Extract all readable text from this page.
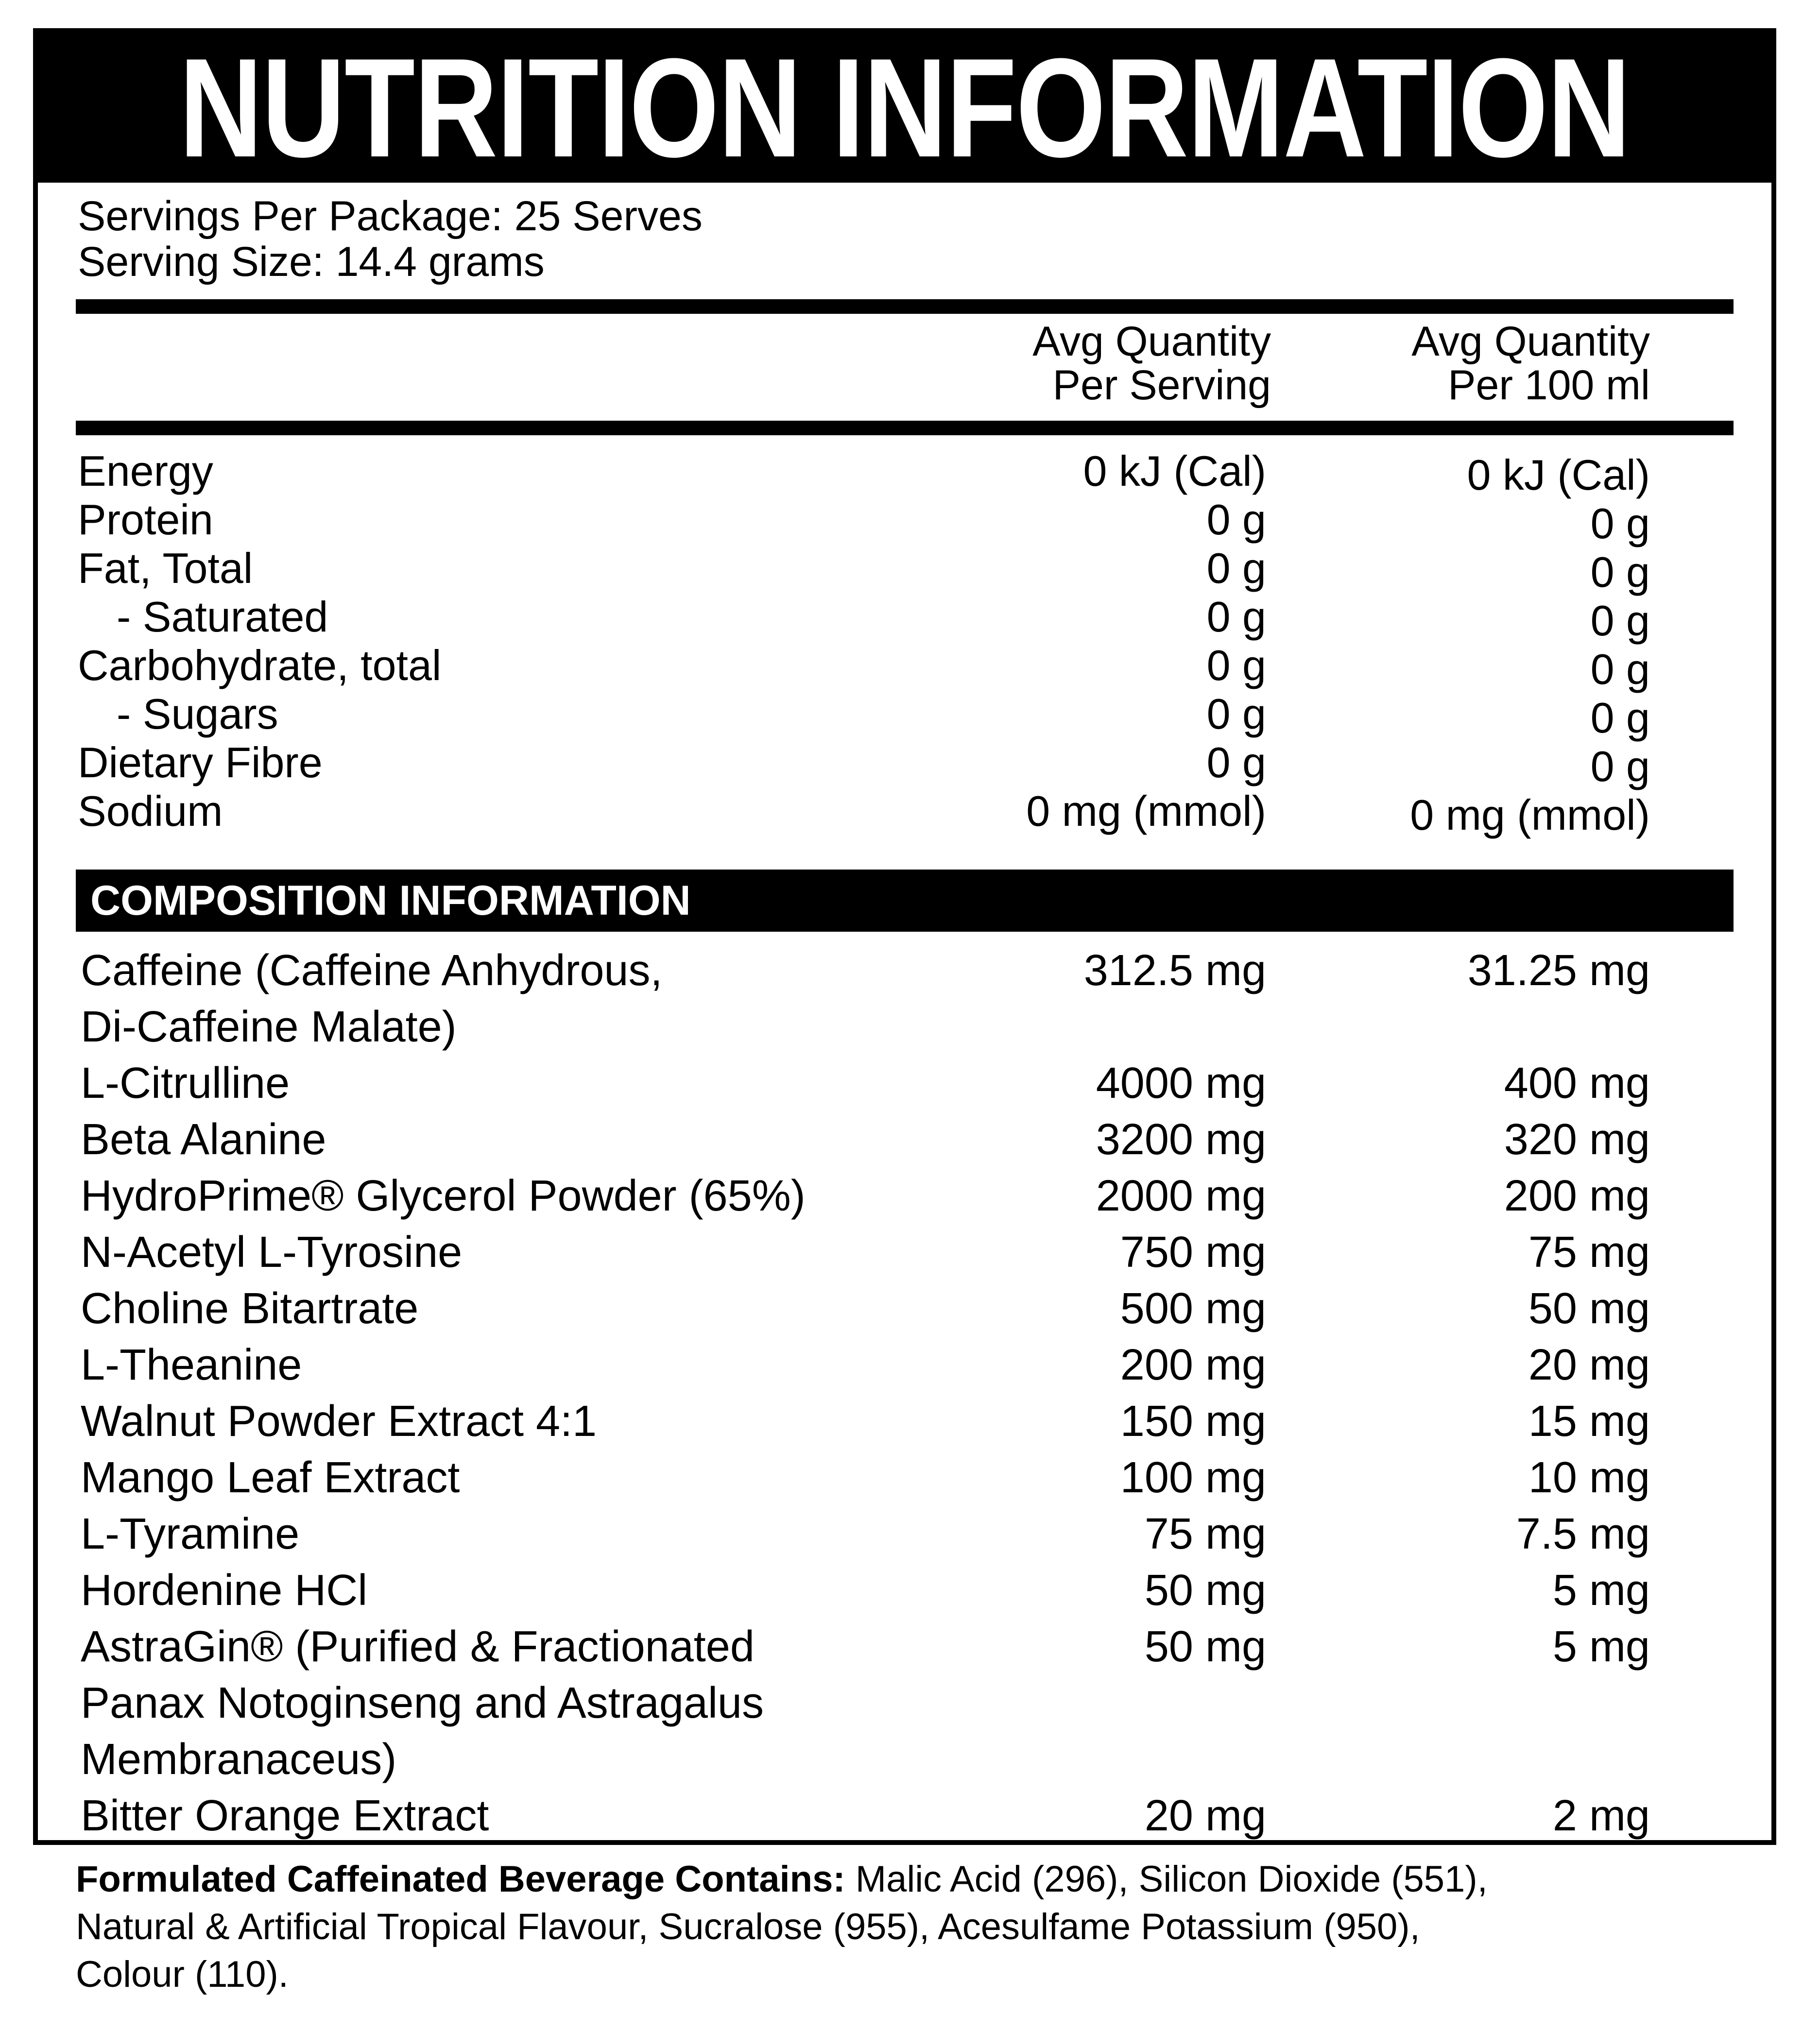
NUTRITION INFORMATION
Servings Per Package: 25 Serves
Serving Size: 14.4 grams
Avg Quantity
Per Serving
Avg Quantity
Per 100 ml
Energy	0 kJ (Cal)	0 kJ (Cal)
Protein	0 g	0 g
Fat, Total	0 g	0 g
- Saturated	0 g	0 g
Carbohydrate, total	0 g	0 g
- Sugars	0 g	0 g
Dietary Fibre	0 g	0 g
Sodium	0 mg (mmol)	0 mg (mmol)
COMPOSITION INFORMATION
Caffeine (Caffeine Anhydrous,
Di-Caffeine Malate)
312.5 mg	31.25 mg
L-Citrulline	4000 mg	400 mg
Beta Alanine	3200 mg	320 mg
HydroPrime® Glycerol Powder (65%)	2000 mg	200 mg
N-Acetyl L-Tyrosine	750 mg	75 mg
Choline Bitartrate	500 mg	50 mg
L-Theanine	200 mg	20 mg
Walnut Powder Extract 4:1	150 mg	15 mg
Mango Leaf Extract	100 mg	10 mg
L-Tyramine	75 mg	7.5 mg
Hordenine HCl	50 mg	5 mg
AstraGin® (Purified & Fractionated
Panax Notoginseng and Astragalus
Membranaceus)
50 mg	5 mg
Bitter Orange Extract	20 mg	2 mg
Formulated Caffeinated Beverage Contains: Malic Acid (296), Silicon Dioxide (551),
Natural & Artificial Tropical Flavour, Sucralose (955), Acesulfame Potassium (950),
Colour (110).
